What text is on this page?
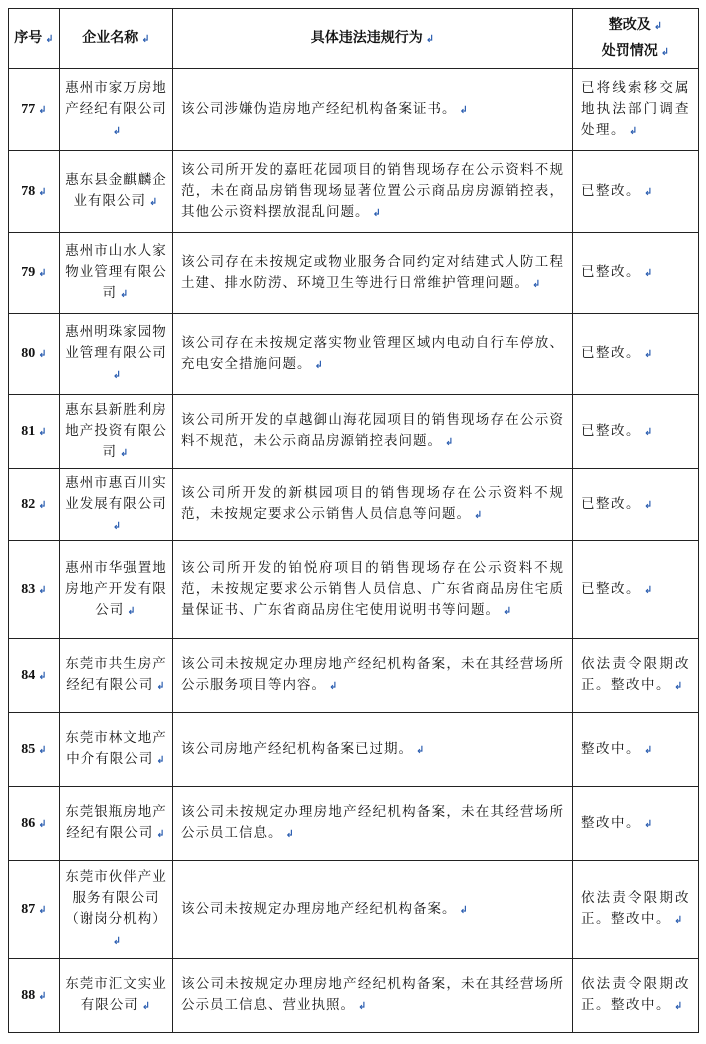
序号 ↲	企业名称 ↲	具体违法违规行为 ↲	整改及 ↲
处罚情况 ↲
77 ↲	惠州市家万房地产经纪有限公司↲	该公司涉嫌伪造房地产经纪机构备案证书。 ↲	已将线索移交属地执法部门调查处理。 ↲
78 ↲	惠东县金麒麟企业有限公司 ↲	该公司所开发的嘉旺花园项目的销售现场存在公示资料不规范，未在商品房销售现场显著位置公示商品房房源销控表，其他公示资料摆放混乱问题。 ↲	已整改。 ↲
79 ↲	惠州市山水人家物业管理有限公司 ↲	该公司存在未按规定或物业服务合同约定对结建式人防工程土建、排水防涝、环境卫生等进行日常维护管理问题。 ↲	已整改。 ↲
80 ↲	惠州明珠家园物业管理有限公司↲	该公司存在未按规定落实物业管理区域内电动自行车停放、充电安全措施问题。 ↲	已整改。 ↲
81 ↲	惠东县新胜利房地产投资有限公司 ↲	该公司所开发的卓越御山海花园项目的销售现场存在公示资料不规范，未公示商品房源销控表问题。 ↲	已整改。 ↲
82 ↲	惠州市惠百川实业发展有限公司↲	该公司所开发的新棋园项目的销售现场存在公示资料不规范，未按规定要求公示销售人员信息等问题。 ↲	已整改。 ↲
83 ↲	惠州市华强置地房地产开发有限公司 ↲	该公司所开发的铂悦府项目的销售现场存在公示资料不规范，未按规定要求公示销售人员信息、广东省商品房住宅质量保证书、广东省商品房住宅使用说明书等问题。 ↲	已整改。 ↲
84 ↲	东莞市共生房产经纪有限公司 ↲	该公司未按规定办理房地产经纪机构备案，未在其经营场所公示服务项目等内容。 ↲	依法责令限期改正。整改中。 ↲
85 ↲	东莞市林文地产中介有限公司 ↲	该公司房地产经纪机构备案已过期。 ↲	整改中。 ↲
86 ↲	东莞银瓶房地产经纪有限公司 ↲	该公司未按规定办理房地产经纪机构备案，未在其经营场所公示员工信息。 ↲	整改中。 ↲
87 ↲	东莞市伙伴产业服务有限公司（谢岗分机构）↲	该公司未按规定办理房地产经纪机构备案。 ↲	依法责令限期改正。整改中。 ↲
88 ↲	东莞市汇文实业有限公司 ↲	该公司未按规定办理房地产经纪机构备案，未在其经营场所公示员工信息、营业执照。 ↲	依法责令限期改正。整改中。 ↲
